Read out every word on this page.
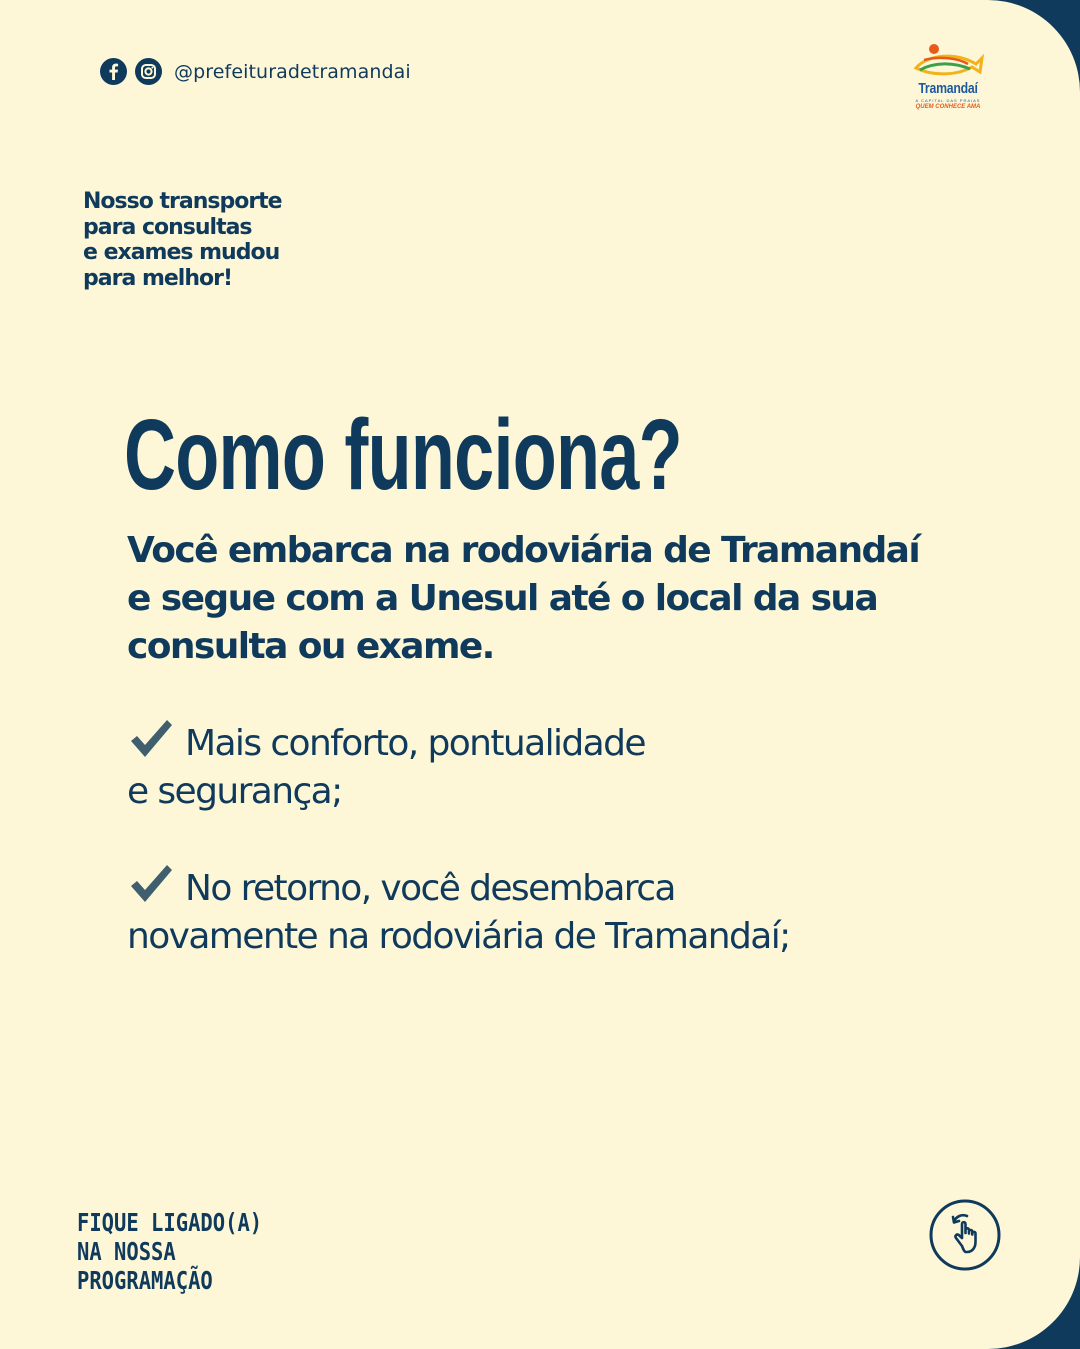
@prefeituradetramandai
Tramandaí
A CAPITAL DAS PRAIAS
QUEM CONHECE AMA
Nosso transporte
para consultas
e exames mudou
para melhor!
Como funciona?
Você embarca na rodoviária de Tramandaí
e segue com a Unesul até o local da sua
consulta ou exame.
Mais conforto, pontualidade
e segurança;
No retorno, você desembarca
novamente na rodoviária de Tramandaí;
FIQUE LIGADO(A)
NA NOSSA
PROGRAMAÇÃO
